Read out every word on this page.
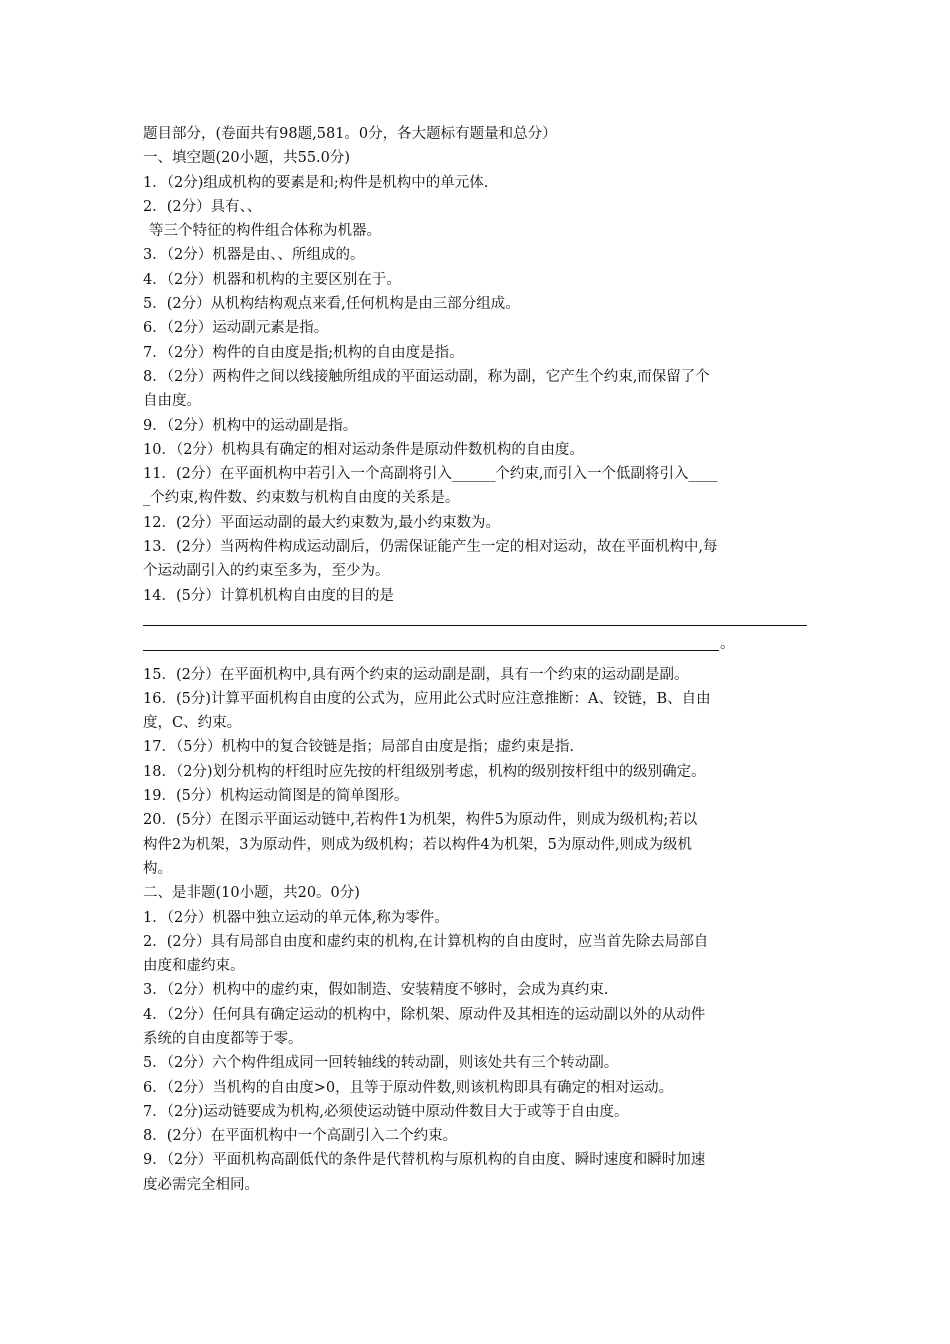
题目部分，(卷面共有98题,581。0分，各大题标有题量和总分）
一、填空题(20小题，共55.0分)
1．（2分)组成机构的要素是和;构件是机构中的单元体.
2．(2分）具有、、
等三个特征的构件组合体称为机器。
3．（2分）机器是由、、所组成的。
4．（2分）机器和机构的主要区别在于。
5．(2分）从机构结构观点来看,任何机构是由三部分组成。
6．（2分）运动副元素是指。
7．（2分）构件的自由度是指;机构的自由度是指。
8．（2分）两构件之间以线接触所组成的平面运动副，称为副，它产生个约束,而保留了个
自由度。
9．（2分）机构中的运动副是指。
10．（2分）机构具有确定的相对运动条件是原动件数机构的自由度。
11．(2分）在平面机构中若引入一个高副将引入______个约束,而引入一个低副将引入____
_个约束,构件数、约束数与机构自由度的关系是。
12．(2分）平面运动副的最大约束数为,最小约束数为。
13．(2分）当两构件构成运动副后，仍需保证能产生一定的相对运动，故在平面机构中,每
个运动副引入的约束至多为，至少为。
14．(5分）计算机机构自由度的目的是
。
15．(2分）在平面机构中,具有两个约束的运动副是副，具有一个约束的运动副是副。
16．(5分)计算平面机构自由度的公式为，应用此公式时应注意推断：A、铰链，B、自由
度，C、约束。
17．（5分）机构中的复合铰链是指；局部自由度是指；虚约束是指.
18．（2分)划分机构的杆组时应先按的杆组级别考虑，机构的级别按杆组中的级别确定。
19．(5分）机构运动简图是的简单图形。
20．(5分）在图示平面运动链中,若构件1为机架，构件5为原动件，则成为级机构;若以
构件2为机架，3为原动件，则成为级机构；若以构件4为机架，5为原动件,则成为级机
构。
二、是非题(10小题，共20。0分)
1．（2分）机器中独立运动的单元体,称为零件。
2．(2分）具有局部自由度和虚约束的机构,在计算机构的自由度时，应当首先除去局部自
由度和虚约束。
3．（2分）机构中的虚约束，假如制造、安装精度不够时，会成为真约束.
4．（2分）任何具有确定运动的机构中，除机架、原动件及其相连的运动副以外的从动件
系统的自由度都等于零。
5．（2分）六个构件组成同一回转轴线的转动副，则该处共有三个转动副。
6．（2分）当机构的自由度>0，且等于原动件数,则该机构即具有确定的相对运动。
7．（2分)运动链要成为机构,必须使运动链中原动件数目大于或等于自由度。
8．(2分）在平面机构中一个高副引入二个约束。
9．（2分）平面机构高副低代的条件是代替机构与原机构的自由度、瞬时速度和瞬时加速
度必需完全相同。
